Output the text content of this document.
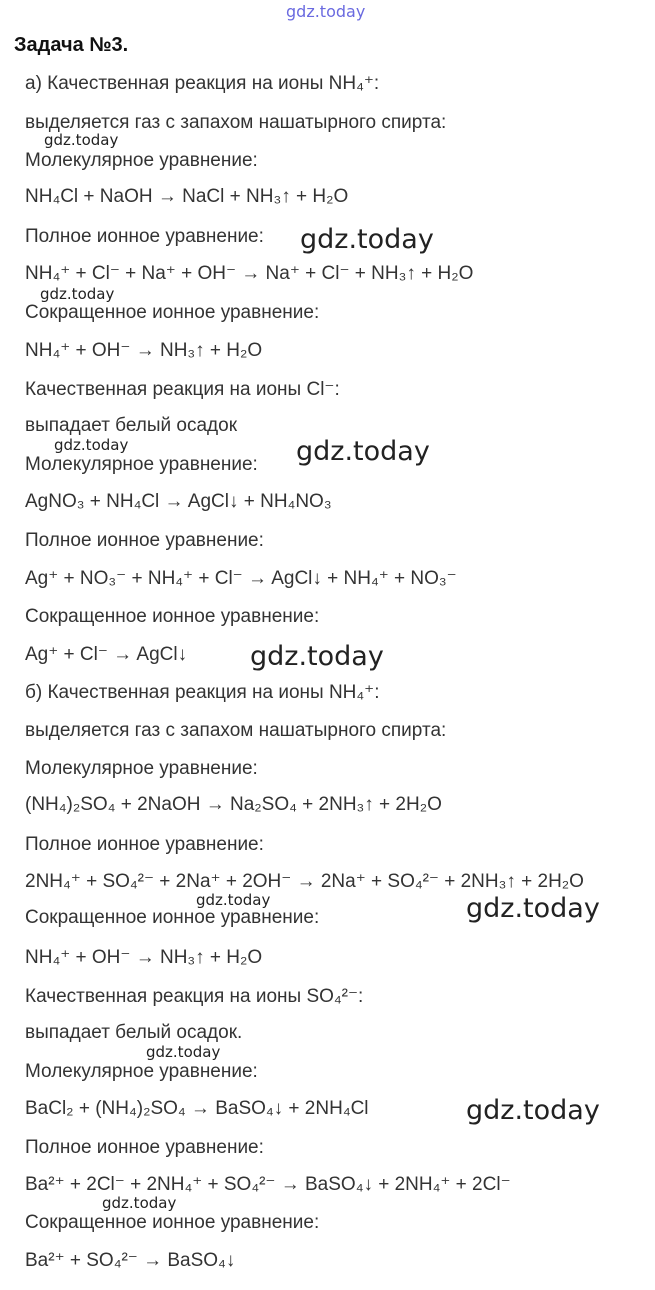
gdz.today
Задача №3.
а) Качественная реакция на ионы NH₄⁺:
выделяется газ с запахом нашатырного спирта:
Молекулярное уравнение:
NH₄Cl + NaOH → NaCl + NH₃↑ + H₂O
Полное ионное уравнение:
NH₄⁺ + Cl⁻ + Na⁺ + OH⁻ → Na⁺ + Cl⁻ + NH₃↑ + H₂O
Сокращенное ионное уравнение:
NH₄⁺ + OH⁻ → NH₃↑ + H₂O
Качественная реакция на ионы Cl⁻:
выпадает белый осадок
Молекулярное уравнение:
AgNO₃ + NH₄Cl → AgCl↓ + NH₄NO₃
Полное ионное уравнение:
Ag⁺ + NO₃⁻ + NH₄⁺ + Cl⁻ → AgCl↓ + NH₄⁺ + NO₃⁻
Сокращенное ионное уравнение:
Ag⁺ + Cl⁻ → AgCl↓
б) Качественная реакция на ионы NH₄⁺:
выделяется газ с запахом нашатырного спирта:
Молекулярное уравнение:
(NH₄)₂SO₄ + 2NaOH → Na₂SO₄ + 2NH₃↑ + 2H₂O
Полное ионное уравнение:
2NH₄⁺ + SO₄²⁻ + 2Na⁺ + 2OH⁻ → 2Na⁺ + SO₄²⁻ + 2NH₃↑ + 2H₂O
Сокращенное ионное уравнение:
NH₄⁺ + OH⁻ → NH₃↑ + H₂O
Качественная реакция на ионы SO₄²⁻:
выпадает белый осадок.
Молекулярное уравнение:
BaCl₂ + (NH₄)₂SO₄ → BaSO₄↓ + 2NH₄Cl
Полное ионное уравнение:
Ba²⁺ + 2Cl⁻ + 2NH₄⁺ + SO₄²⁻ → BaSO₄↓ + 2NH₄⁺ + 2Cl⁻
Сокращенное ионное уравнение:
Ba²⁺ + SO₄²⁻ → BaSO₄↓
gdz.today
gdz.today
gdz.today
gdz.today	gdz.today
gdz.today
gdz.today	gdz.today
gdz.today
gdz.today
gdz.today
